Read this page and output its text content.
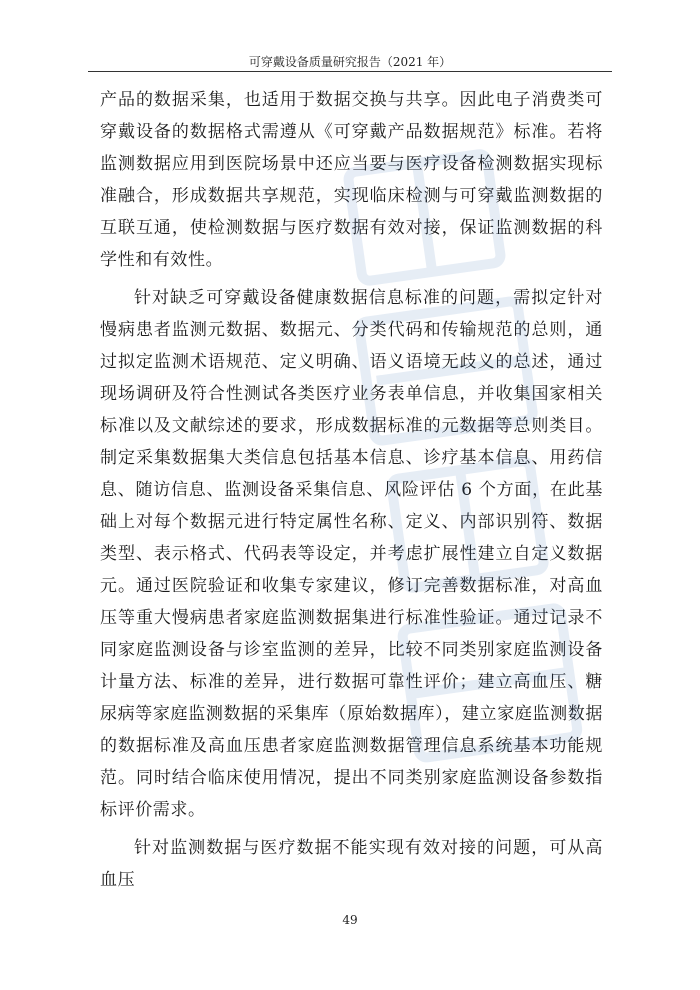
可穿戴设备质量研究报告（2021 年）

产品的数据采集，也适用于数据交换与共享。因此电子消费类可穿戴设备的数据格式需遵从《可穿戴产品数据规范》标准。若将监测数据应用到医院场景中还应当要与医疗设备检测数据实现标准融合，形成数据共享规范，实现临床检测与可穿戴监测数据的互联互通，使检测数据与医疗数据有效对接，保证监测数据的科学性和有效性。

针对缺乏可穿戴设备健康数据信息标准的问题，需拟定针对慢病患者监测元数据、数据元、分类代码和传输规范的总则，通过拟定监测术语规范、定义明确、语义语境无歧义的总述，通过现场调研及符合性测试各类医疗业务表单信息，并收集国家相关标准以及文献综述的要求，形成数据标准的元数据等总则类目。制定采集数据集大类信息包括基本信息、诊疗基本信息、用药信息、随访信息、监测设备采集信息、风险评估 6 个方面，在此基础上对每个数据元进行特定属性名称、定义、内部识别符、数据类型、表示格式、代码表等设定，并考虑扩展性建立自定义数据元。通过医院验证和收集专家建议，修订完善数据标准，对高血压等重大慢病患者家庭监测数据集进行标准性验证。通过记录不同家庭监测设备与诊室监测的差异，比较不同类别家庭监测设备计量方法、标准的差异，进行数据可靠性评价；建立高血压、糖尿病等家庭监测数据的采集库（原始数据库），建立家庭监测数据的数据标准及高血压患者家庭监测数据管理信息系统基本功能规范。同时结合临床使用情况，提出不同类别家庭监测设备参数指标评价需求。

针对监测数据与医疗数据不能实现有效对接的问题，可从高血压

49
